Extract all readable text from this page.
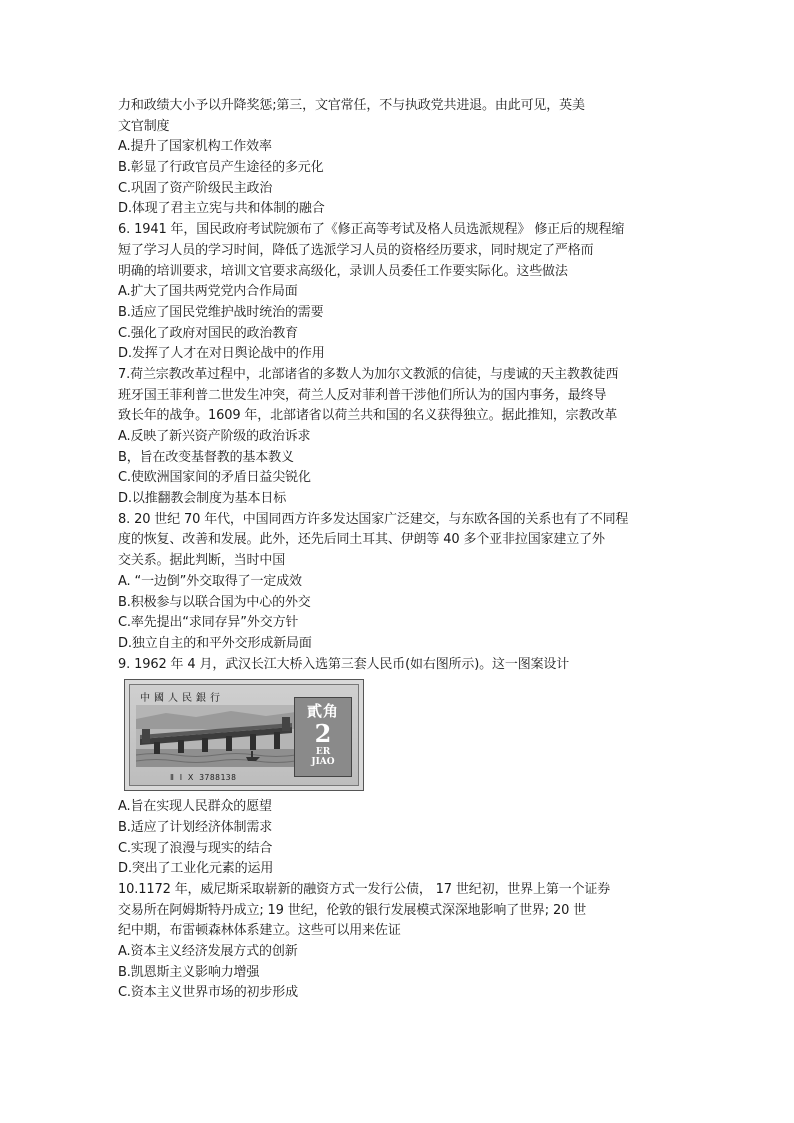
力和政绩大小予以升降奖惩;第三，文官常任，不与执政党共进退。由此可见，英美
文官制度
A.提升了国家机构工作效率
B.彰显了行政官员产生途径的多元化
C.巩固了资产阶级民主政治
D.体现了君主立宪与共和体制的融合
6. 1941 年，国民政府考试院颁布了《修正高等考试及格人员选派规程》 修正后的规程缩
短了学习人员的学习时间，降低了选派学习人员的资格经历要求，同时规定了严格而
明确的培训要求，培训文官要求高级化，录训人员委任工作要实际化。这些做法
A.扩大了国共两党党内合作局面
B.适应了国民党维护战时统治的需要
C.强化了政府对国民的政治教育
D.发挥了人才在对日舆论战中的作用
7.荷兰宗教改革过程中，北部诸省的多数人为加尔文教派的信徒，与虔诚的天主教教徒西
班牙国王菲利普二世发生冲突，荷兰人反对菲利普干涉他们所认为的国内事务，最终导
致长年的战争。1609 年，北部诸省以荷兰共和国的名义获得独立。据此推知，宗教改革
A.反映了新兴资产阶级的政治诉求
B，旨在改变基督教的基本教义
C.使欧洲国家间的矛盾日益尖锐化
D.以推翻教会制度为基本日标
8. 20 世纪 70 年代，中国同西方许多发达国家广泛建交，与东欧各国的关系也有了不同程
度的恢复、改善和发展。此外，还先后同土耳其、伊朗等 40 多个亚非拉国家建立了外
交关系。据此判断，当时中国
A. “一边倒”外交取得了一定成效
B.积极参与以联合国为中心的外交
C.率先提出“求同存异”外交方针
D.独立自主的和平外交形成新局面
9. 1962 年 4 月，武汉长江大桥入选第三套人民币(如右图所示)。这一图案设计
中國人民銀行
貳角
2
ER
JIAO
Ⅱ Ⅰ Ⅹ 3788138
A.旨在实现人民群众的愿望
B.适应了计划经济体制需求
C.实现了浪漫与现实的结合
D.突出了工业化元素的运用
10.1172 年，威尼斯采取崭新的融资方式一发行公债， 17 世纪初，世界上第一个证券
交易所在阿姆斯特丹成立; 19 世纪，伦敦的银行发展模式深深地影响了世界; 20 世
纪中期，布雷顿森林体系建立。这些可以用来佐证
A.资本主义经济发展方式的创新
B.凯恩斯主义影响力增强
C.资本主义世界市场的初步形成
